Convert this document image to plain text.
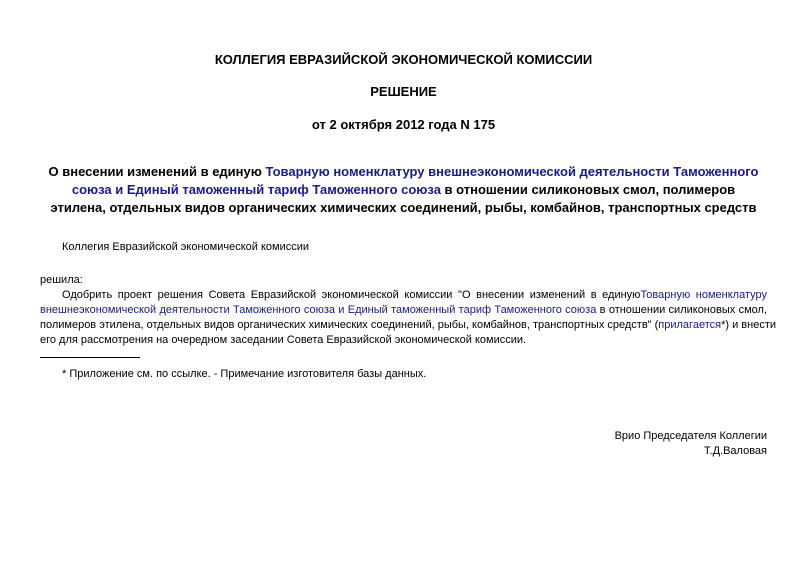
КОЛЛЕГИЯ ЕВРАЗИЙСКОЙ ЭКОНОМИЧЕСКОЙ КОМИССИИ
РЕШЕНИЕ
от 2 октября 2012 года N 175
О внесении изменений в единую Товарную номенклатуру внешнеэкономической деятельности Таможенного
союза и Единый таможенный тариф Таможенного союза в отношении силиконовых смол, полимеров
этилена, отдельных видов органических химических соединений, рыбы, комбайнов, транспортных средств
Коллегия Евразийской экономической комиссии
решила:
Одобрить проект решения Совета Евразийской экономической комиссии "О внесении изменений в единуюТоварную номенклатуру
внешнеэкономической деятельности Таможенного союза и Единый таможенный тариф Таможенного союза в отношении силиконовых смол,
полимеров этилена, отдельных видов органических химических соединений, рыбы, комбайнов, транспортных средств" (прилагается*) и внести
его для рассмотрения на очередном заседании Совета Евразийской экономической комиссии.
* Приложение см. по ссылке. - Примечание изготовителя базы данных.
Врио Председателя Коллегии
Т.Д.Валовая
